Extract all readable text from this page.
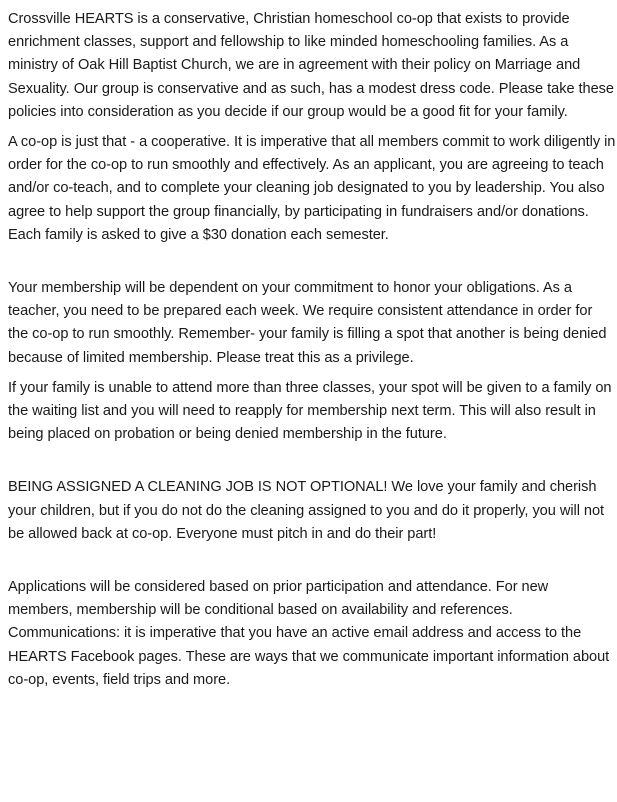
Crossville HEARTS is a conservative, Christian homeschool co-op that exists to provide enrichment classes, support and fellowship to like minded homeschooling families. As a ministry of Oak Hill Baptist Church, we are in agreement with their policy on Marriage and Sexuality. Our group is conservative and as such, has a modest dress code. Please take these policies into consideration as you decide if our group would be a good fit for your family.

A co-op is just that - a cooperative. It is imperative that all members commit to work diligently in order for the co-op to run smoothly and effectively. As an applicant, you are agreeing to teach and/or co-teach, and to complete your cleaning job designated to you by leadership. You also agree to help support the group financially, by participating in fundraisers and/or donations. Each family is asked to give a $30 donation each semester.

Your membership will be dependent on your commitment to honor your obligations. As a teacher, you need to be prepared each week. We require consistent attendance in order for the co-op to run smoothly. Remember- your family is filling a spot that another is being denied because of limited membership. Please treat this as a privilege.

If your family is unable to attend more than three classes, your spot will be given to a family on the waiting list and you will need to reapply for membership next term. This will also result in being placed on probation or being denied membership in the future.

BEING ASSIGNED A CLEANING JOB IS NOT OPTIONAL! We love your family and cherish your children, but if you do not do the cleaning assigned to you and do it properly, you will not be allowed back at co-op. Everyone must pitch in and do their part!

Applications will be considered based on prior participation and attendance. For new members, membership will be conditional based on availability and references.

Communications: it is imperative that you have an active email address and access to the HEARTS Facebook pages. These are ways that we communicate important information about co-op, events, field trips and more.
